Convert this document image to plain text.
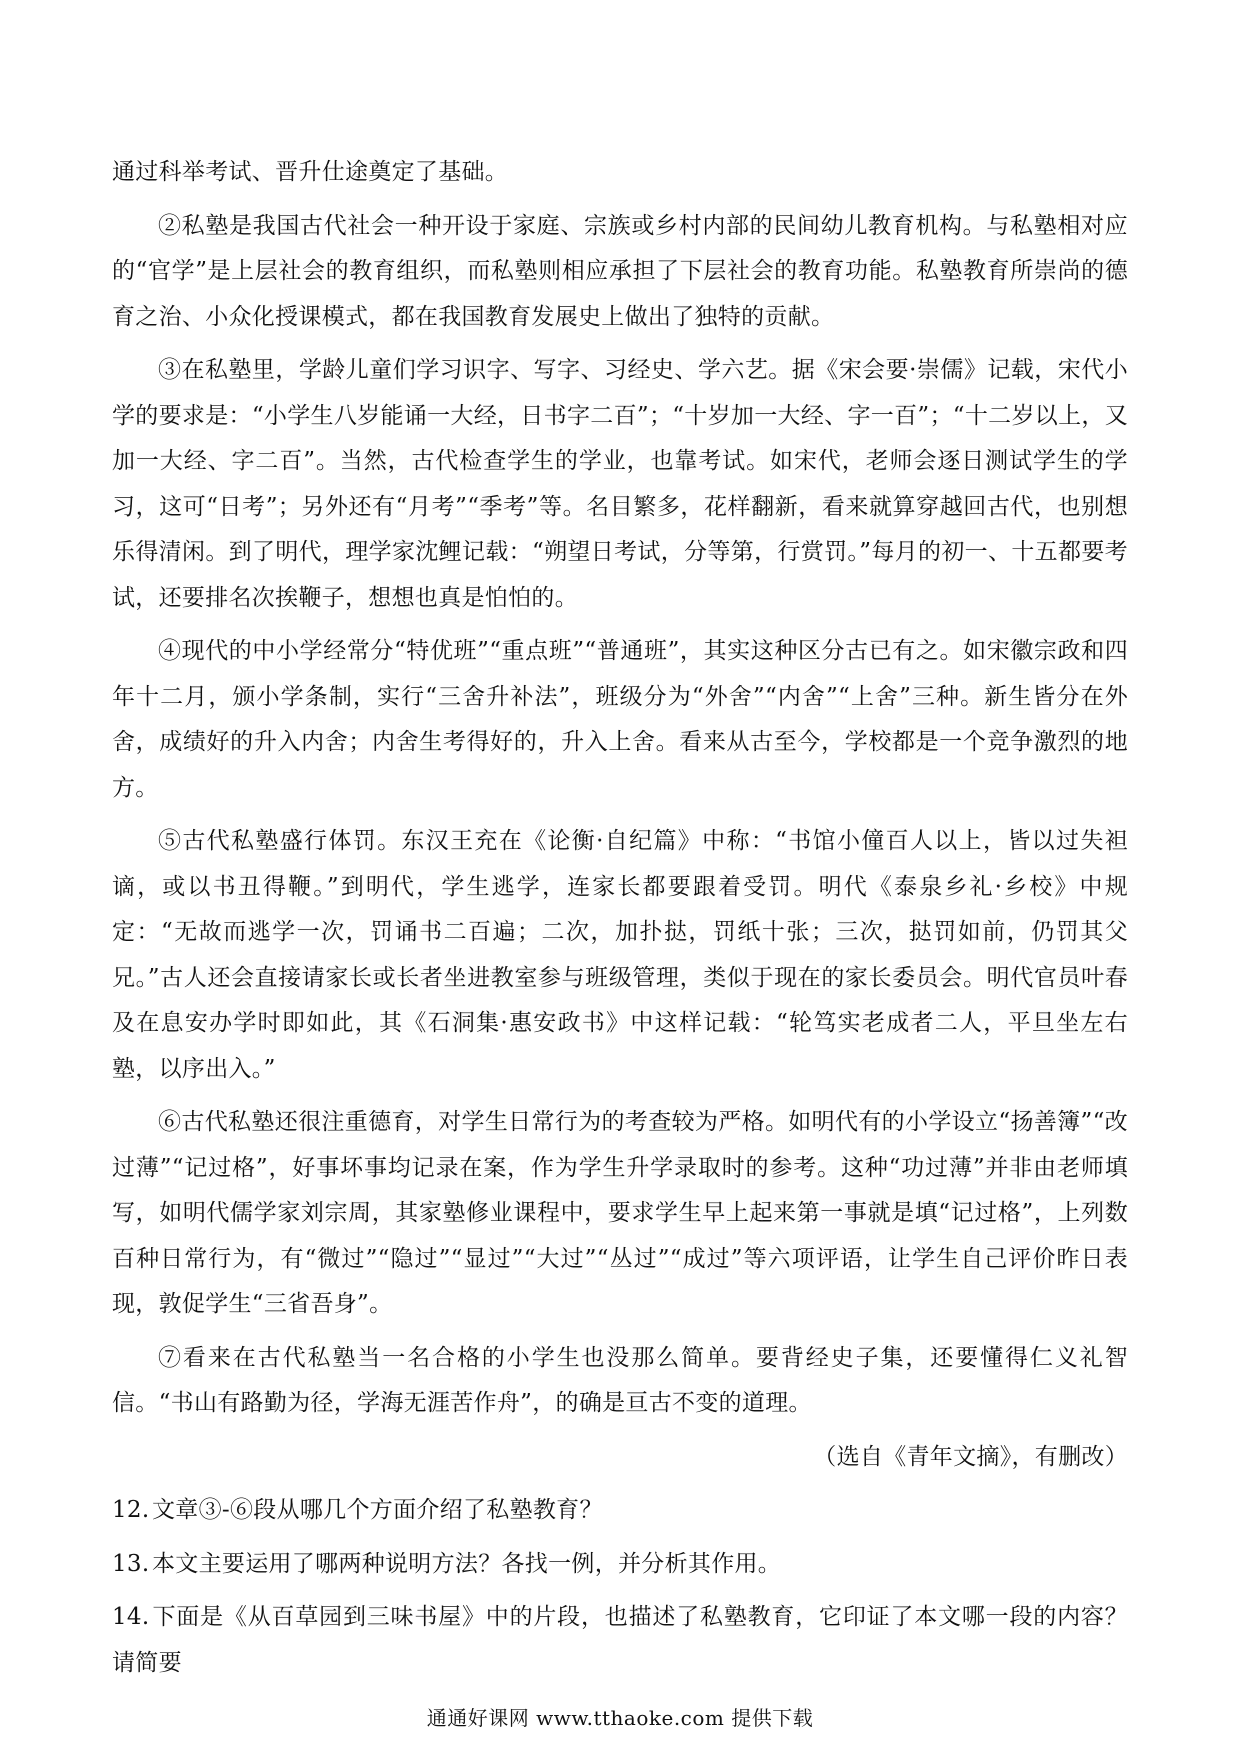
通过科举考试、晋升仕途奠定了基础。

②私塾是我国古代社会一种开设于家庭、宗族或乡村内部的民间幼儿教育机构。与私塾相对应的“官学”是上层社会的教育组织，而私塾则相应承担了下层社会的教育功能。私塾教育所崇尚的德育之治、小众化授课模式，都在我国教育发展史上做出了独特的贡献。

③在私塾里，学龄儿童们学习识字、写字、习经史、学六艺。据《宋会要·崇儒》记载，宋代小学的要求是：“小学生八岁能诵一大经，日书字二百”；“十岁加一大经、字一百”；“十二岁以上，又加一大经、字二百”。当然，古代检查学生的学业，也靠考试。如宋代，老师会逐日测试学生的学习，这可“日考”；另外还有“月考”“季考”等。名目繁多，花样翻新，看来就算穿越回古代，也别想乐得清闲。到了明代，理学家沈鲤记载：“朔望日考试，分等第，行赏罚。”每月的初一、十五都要考试，还要排名次挨鞭子，想想也真是怕怕的。

④现代的中小学经常分“特优班”“重点班”“普通班”，其实这种区分古已有之。如宋徽宗政和四年十二月，颁小学条制，实行“三舍升补法”，班级分为“外舍”“内舍”“上舍”三种。新生皆分在外舍，成绩好的升入内舍；内舍生考得好的，升入上舍。看来从古至今，学校都是一个竞争激烈的地方。

⑤古代私塾盛行体罚。东汉王充在《论衡·自纪篇》中称：“书馆小僮百人以上，皆以过失袒谪，或以书丑得鞭。”到明代，学生逃学，连家长都要跟着受罚。明代《泰泉乡礼·乡校》中规定：“无故而逃学一次，罚诵书二百遍；二次，加扑挞，罚纸十张；三次，挞罚如前，仍罚其父兄。”古人还会直接请家长或长者坐进教室参与班级管理，类似于现在的家长委员会。明代官员叶春及在息安办学时即如此，其《石洞集·惠安政书》中这样记载：“轮笃实老成者二人，平旦坐左右塾，以序出入。”

⑥古代私塾还很注重德育，对学生日常行为的考查较为严格。如明代有的小学设立“扬善簿”“改过薄”“记过格”，好事坏事均记录在案，作为学生升学录取时的参考。这种“功过薄”并非由老师填写，如明代儒学家刘宗周，其家塾修业课程中，要求学生早上起来第一事就是填“记过格”，上列数百种日常行为，有“微过”“隐过”“显过”“大过”“丛过”“成过”等六项评语，让学生自己评价昨日表现，敦促学生“三省吾身”。

⑦看来在古代私塾当一名合格的小学生也没那么简单。要背经史子集，还要懂得仁义礼智信。“书山有路勤为径，学海无涯苦作舟”，的确是亘古不变的道理。

（选自《青年文摘》，有删改）

12. 文章③-⑥段从哪几个方面介绍了私塾教育？

13. 本文主要运用了哪两种说明方法？各找一例，并分析其作用。

14. 下面是《从百草园到三味书屋》中的片段，也描述了私塾教育，它印证了本文哪一段的内容？请简要

通通好课网 www.tthaoke.com 提供下载
